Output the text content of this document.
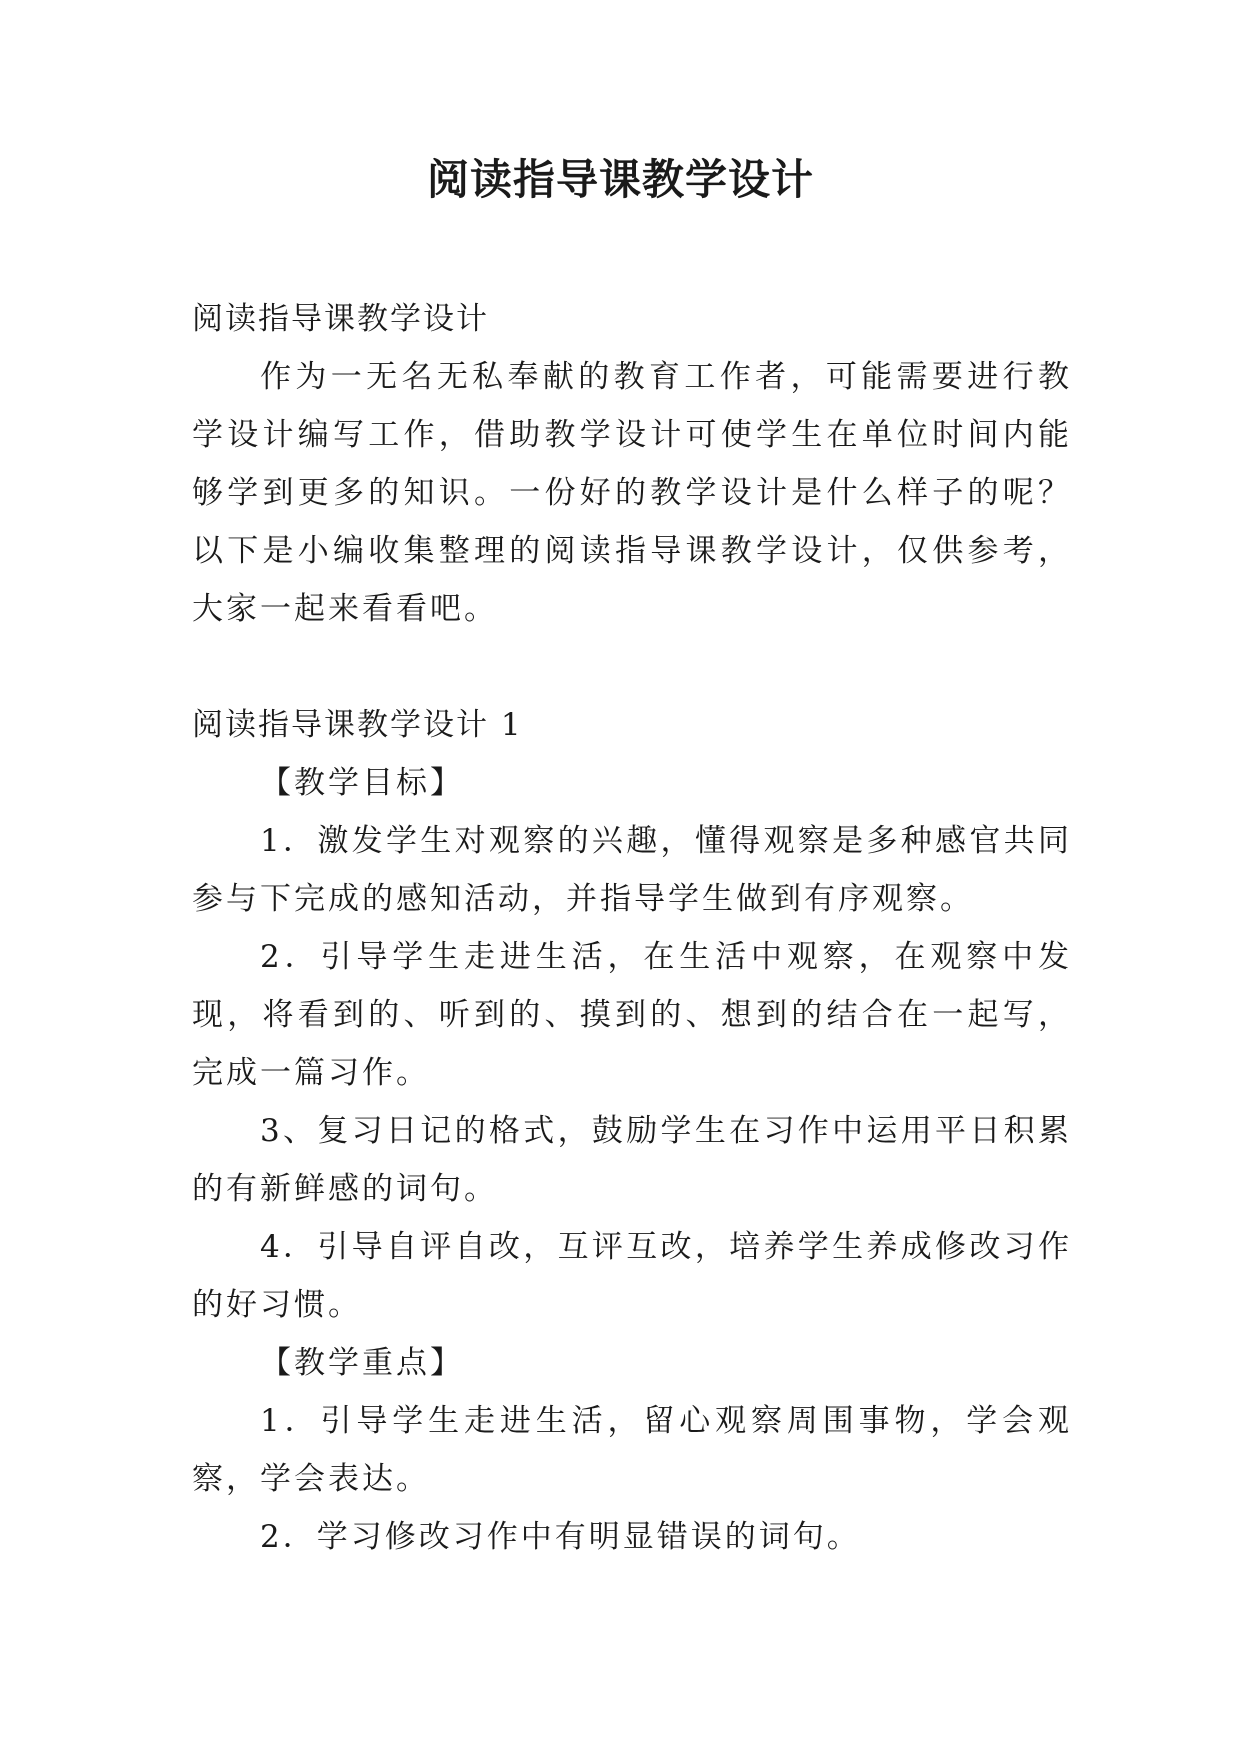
阅读指导课教学设计

阅读指导课教学设计

作为一无名无私奉献的教育工作者，可能需要进行教学设计编写工作，借助教学设计可使学生在单位时间内能够学到更多的知识。一份好的教学设计是什么样子的呢？以下是小编收集整理的阅读指导课教学设计，仅供参考，大家一起来看看吧。

阅读指导课教学设计 1

【教学目标】

1．激发学生对观察的兴趣，懂得观察是多种感官共同参与下完成的感知活动，并指导学生做到有序观察。

2．引导学生走进生活，在生活中观察，在观察中发现，将看到的、听到的、摸到的、想到的结合在一起写，完成一篇习作。

3、复习日记的格式，鼓励学生在习作中运用平日积累的有新鲜感的词句。

4．引导自评自改，互评互改，培养学生养成修改习作的好习惯。

【教学重点】

1．引导学生走进生活，留心观察周围事物，学会观察，学会表达。

2．学习修改习作中有明显错误的词句。
